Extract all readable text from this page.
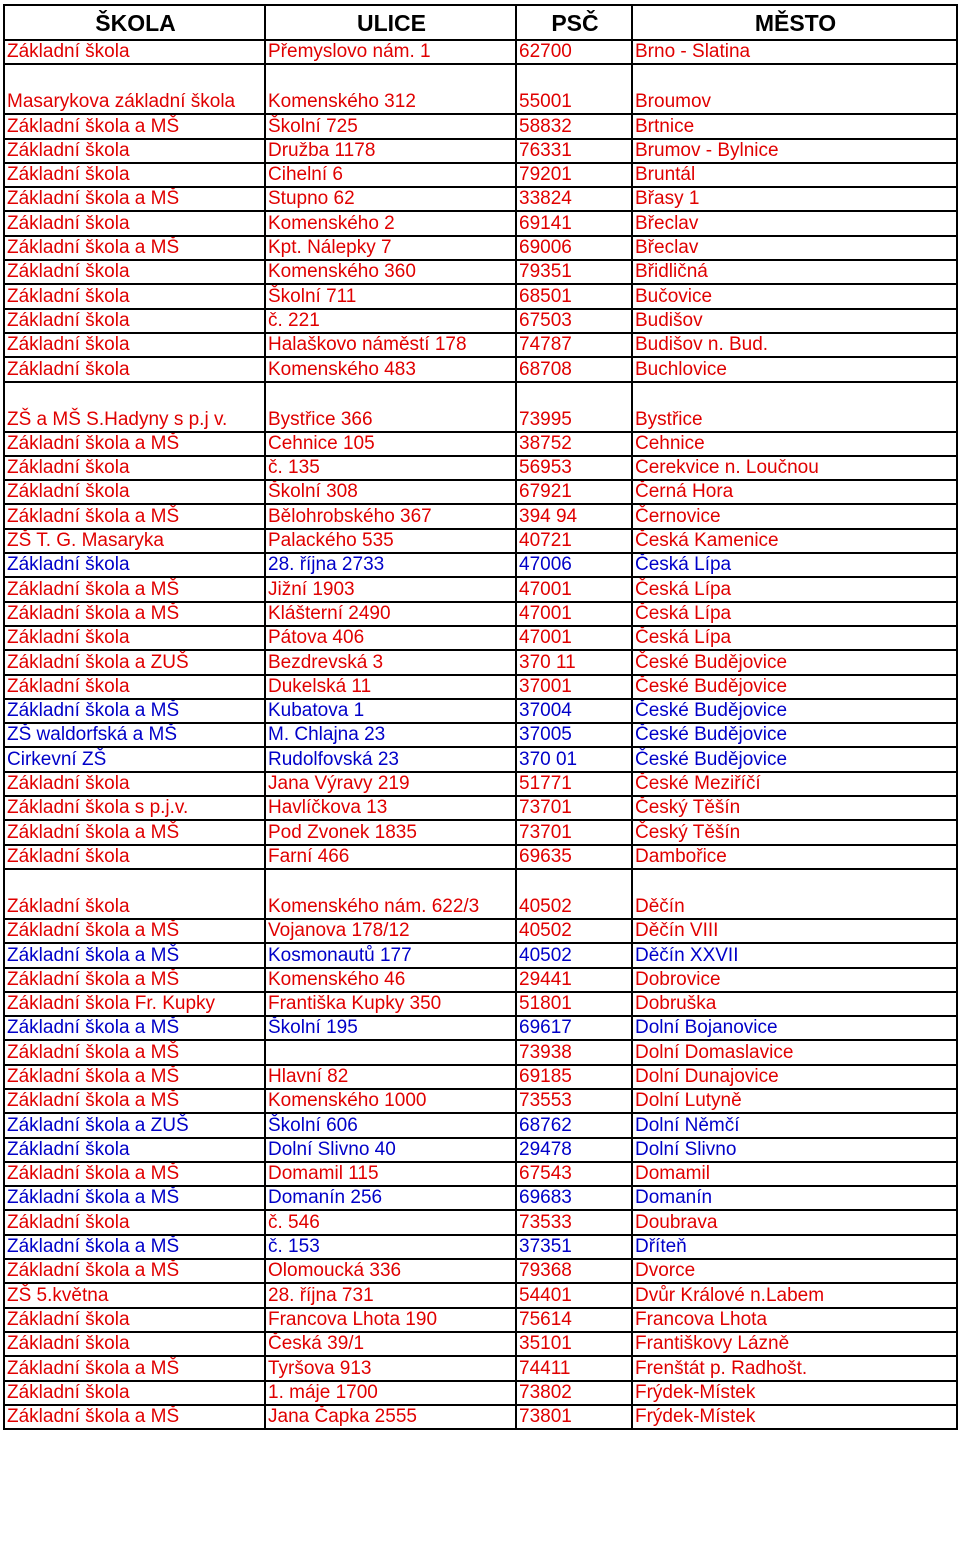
ŠKOLA	ULICE	PSČ	MĚSTO
Základní škola	Přemyslovo nám. 1	62700	Brno - Slatina
Masarykova základní škola	Komenského 312	55001	Broumov
Základní škola a MŠ	Školní 725	58832	Brtnice
Základní škola	Družba 1178	76331	Brumov - Bylnice
Základní škola	Cihelní 6	79201	Bruntál
Základní škola a MŠ	Stupno 62	33824	Břasy 1
Základní škola	Komenského 2	69141	Břeclav
Základní škola a MŠ	Kpt. Nálepky 7	69006	Břeclav
Základní škola	Komenského 360	79351	Břidličná
Základní škola	Školní 711	68501	Bučovice
Základní škola	č. 221	67503	Budišov
Základní škola	Halaškovo náměstí 178	74787	Budišov n. Bud.
Základní škola	Komenského 483	68708	Buchlovice
ZŠ a MŠ S.Hadyny s p.j v.	Bystřice 366	73995	Bystřice
Základní škola a MŠ	Cehnice 105	38752	Cehnice
Základní škola	č. 135	56953	Cerekvice n. Loučnou
Základní škola	Školní 308	67921	Černá Hora
Základní škola a MŠ	Bělohrobského 367	394 94	Černovice
ZŠ T. G. Masaryka	Palackého 535	40721	Česká Kamenice
Základní škola	28. října 2733	47006	Česká Lípa
Základní škola a MŠ	Jižní 1903	47001	Česká Lípa
Základní škola a MŠ	Klášterní 2490	47001	Česká Lípa
Základní škola	Pátova 406	47001	Česká Lípa
Základní škola a ZUŠ	Bezdrevská 3	370 11	České Budějovice
Základní škola	Dukelská 11	37001	České Budějovice
Základní škola a MŠ	Kubatova 1	37004	České Budějovice
ZŠ waldorfská a MŠ	M. Chlajna 23	37005	České Budějovice
Cirkevní ZŠ	Rudolfovská 23	370 01	České Budějovice
Základní škola	Jana Výravy 219	51771	České Meziříčí
Základní škola s p.j.v.	Havlíčkova 13	73701	Český Těšín
Základní škola a MŠ	Pod Zvonek 1835	73701	Český Těšín
Základní škola	Farní 466	69635	Dambořice
Základní škola	Komenského nám. 622/3	40502	Děčín
Základní škola a MŠ	Vojanova 178/12	40502	Děčín VIII
Základní škola a MŠ	Kosmonautů 177	40502	Děčín XXVII
Základní škola a MŠ	Komenského 46	29441	Dobrovice
Základní škola Fr. Kupky	Františka Kupky 350	51801	Dobruška
Základní škola a MŠ	Školní 195	69617	Dolní Bojanovice
Základní škola a MŠ		73938	Dolní Domaslavice
Základní škola a MŠ	Hlavní 82	69185	Dolní Dunajovice
Základní škola a MŠ	Komenského 1000	73553	Dolní Lutyně
Základní škola a ZUŠ	Školní 606	68762	Dolní Němčí
Základní škola	Dolní Slivno 40	29478	Dolní Slivno
Základní škola a MŠ	Domamil 115	67543	Domamil
Základní škola a MŠ	Domanín 256	69683	Domanín
Základní škola	č. 546	73533	Doubrava
Základní škola a MŠ	č. 153	37351	Dříteň
Základní škola a MŠ	Olomoucká 336	79368	Dvorce
ZŠ 5.května	28. října 731	54401	Dvůr Králové n.Labem
Základní škola	Francova Lhota 190	75614	Francova Lhota
Základní škola	Česká 39/1	35101	Františkovy Lázně
Základní škola a MŠ	Tyršova 913	74411	Frenštát p. Radhošt.
Základní škola	1. máje 1700	73802	Frýdek-Místek
Základní škola a MŠ	Jana Čapka 2555	73801	Frýdek-Místek
